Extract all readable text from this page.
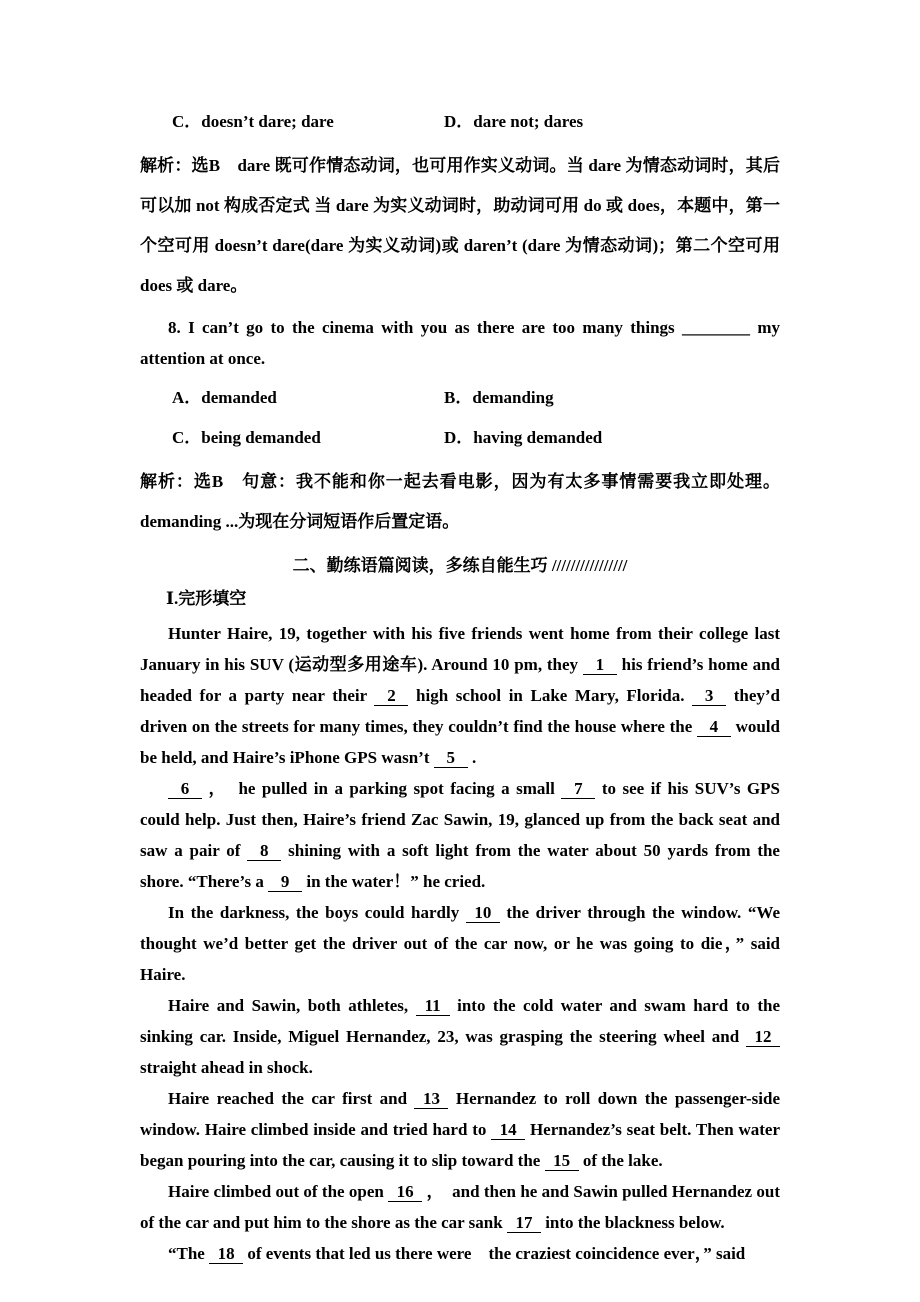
C．doesn’t dare; dare	D．dare not; dares

解析：选B　dare 既可作情态动词，也可用作实义动词。当 dare 为情态动词时，其后可以加 not 构成否定式 当 dare 为实义动词时，助动词可用 do 或 does，本题中，第一个空可用 doesn’t dare(dare 为实义动词)或 daren’t (dare 为情态动词)；第二个空可用 does 或 dare。

8. I can’t go to the cinema with you as there are too many things ________ my attention at once.

A．demanded	B．demanding
C．being demanded	D．having demanded

解析：选B　句意：我不能和你一起去看电影，因为有太多事情需要我立即处理。demanding ...为现在分词短语作后置定语。

二、勤练语篇阅读，多练自能生巧 ////////////////
Ⅰ.完形填空

Hunter Haire, 19, together with his five friends went home from their college last January in his SUV (运动型多用途车). Around 10 pm, they 1 his friend’s home and headed for a party near their 2 high school in Lake Mary, Florida. 3 they’d driven on the streets for many times, they couldn’t find the house where the 4 would be held, and Haire’s iPhone GPS wasn’t 5 .

6 ，　he pulled in a parking spot facing a small 7 to see if his SUV’s GPS could help. Just then, Haire’s friend Zac Sawin, 19, glanced up from the back seat and saw a pair of 8 shining with a soft light from the water about 50 yards from the shore. “There’s a 9 in the water！” he cried.

In the darkness, the boys could hardly 10 the driver through the window. “We thought we’d better get the driver out of the car now, or he was going to die，” said Haire.

Haire and Sawin, both athletes, 11 into the cold water and swam hard to the sinking car. Inside, Miguel Hernandez, 23, was grasping the steering wheel and 12 straight ahead in shock.

Haire reached the car first and 13 Hernandez to roll down the passenger-side window. Haire climbed inside and tried hard to 14 Hernandez’s seat belt. Then water began pouring into the car, causing it to slip toward the 15 of the lake.

Haire climbed out of the open 16 ，　and then he and Sawin pulled Hernandez out of the car and put him to the shore as the car sank 17 into the blackness below.

“The 18 of events that led us there were　the craziest coincidence ever，” said
